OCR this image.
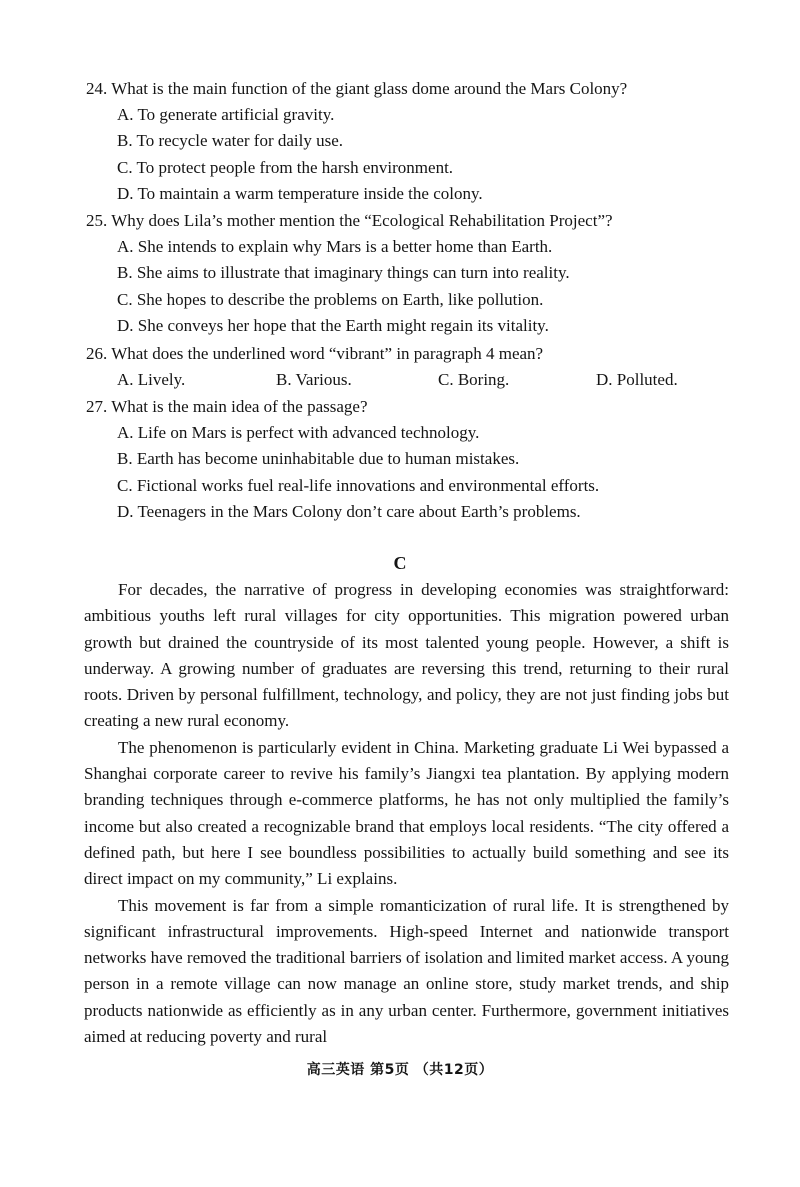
24. What is the main function of the giant glass dome around the Mars Colony?
A. To generate artificial gravity.
B. To recycle water for daily use.
C. To protect people from the harsh environment.
D. To maintain a warm temperature inside the colony.
25. Why does Lila’s mother mention the “Ecological Rehabilitation Project”?
A. She intends to explain why Mars is a better home than Earth.
B. She aims to illustrate that imaginary things can turn into reality.
C. She hopes to describe the problems on Earth, like pollution.
D. She conveys her hope that the Earth might regain its vitality.
26. What does the underlined word “vibrant” in paragraph 4 mean?
A. Lively.	B. Various.	C. Boring.	D. Polluted.
27. What is the main idea of the passage?
A. Life on Mars is perfect with advanced technology.
B. Earth has become uninhabitable due to human mistakes.
C. Fictional works fuel real-life innovations and environmental efforts.
D. Teenagers in the Mars Colony don’t care about Earth’s problems.
C

For decades, the narrative of progress in developing economies was straightforward: ambitious youths left rural villages for city opportunities. This migration powered urban growth but drained the countryside of its most talented young people. However, a shift is underway. A growing number of graduates are reversing this trend, returning to their rural roots. Driven by personal fulfillment, technology, and policy, they are not just finding jobs but creating a new rural economy.

The phenomenon is particularly evident in China. Marketing graduate Li Wei bypassed a Shanghai corporate career to revive his family’s Jiangxi tea plantation. By applying modern branding techniques through e-commerce platforms, he has not only multiplied the family’s income but also created a recognizable brand that employs local residents. “The city offered a defined path, but here I see boundless possibilities to actually build something and see its direct impact on my community,” Li explains.

This movement is far from a simple romanticization of rural life. It is strengthened by significant infrastructural improvements. High-speed Internet and nationwide transport networks have removed the traditional barriers of isolation and limited market access. A young person in a remote village can now manage an online store, study market trends, and ship products nationwide as efficiently as in any urban center. Furthermore, government initiatives aimed at reducing poverty and rural

高三英语 第5页 （共12页）
